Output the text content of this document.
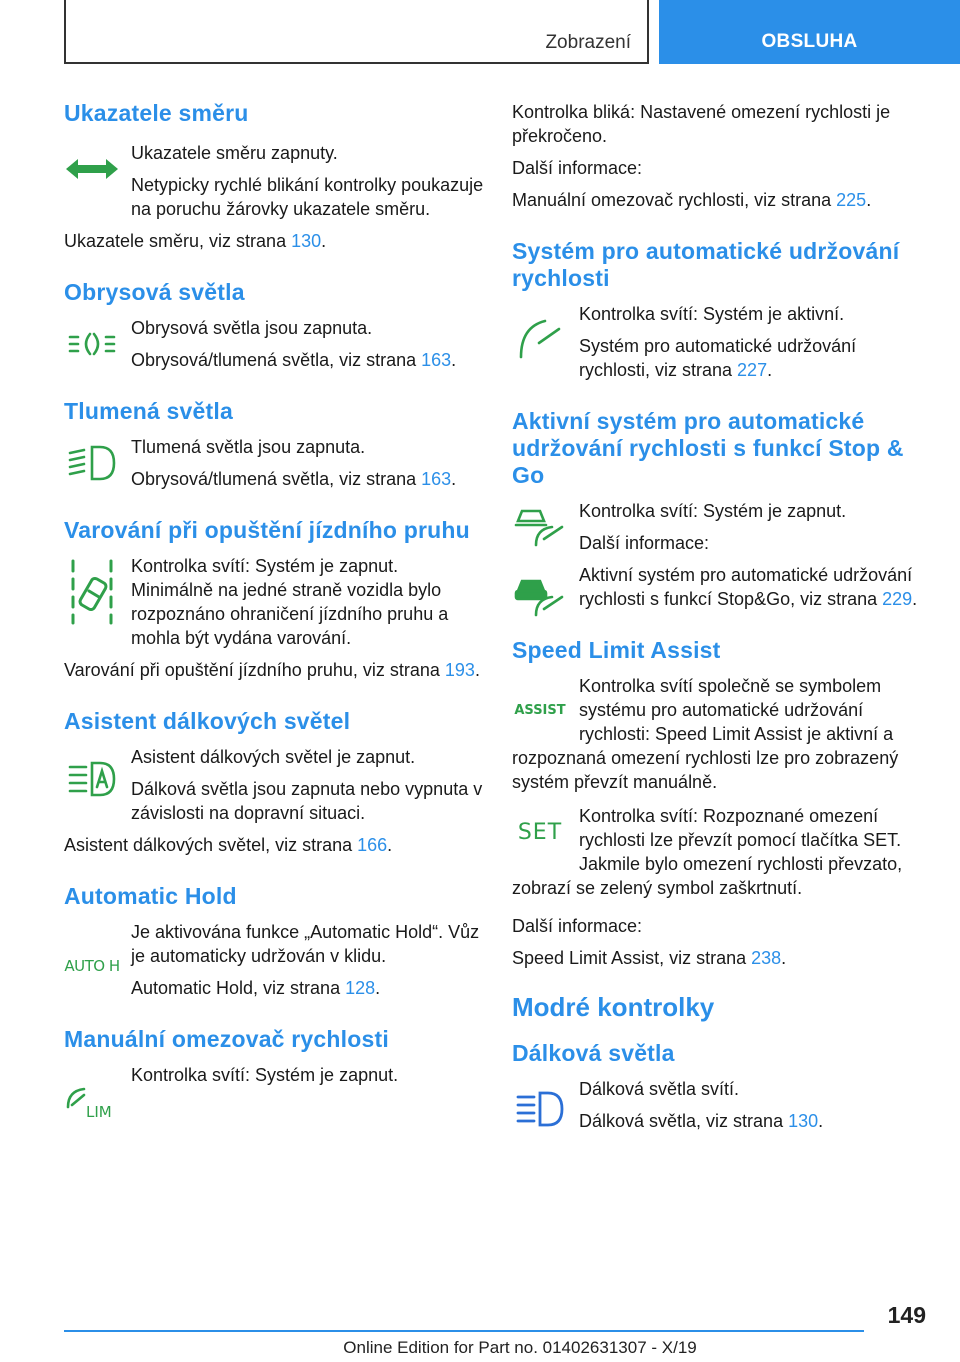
Zobrazení	OBSLUHA
Ukazatele směru

Ukazatele směru zapnuty.

Netypicky rychlé blikání kontrolky poukazuje na poruchu žárovky ukazatele směru.

Ukazatele směru, viz strana 130.

Obrysová světla

Obrysová světla jsou zapnuta.

Obrysová/tlumená světla, viz strana 163.

Tlumená světla

Tlumená světla jsou zapnuta.

Obrysová/tlumená světla, viz strana 163.

Varování při opuštění jízdního pruhu

Kontrolka svítí: Systém je zapnut. Minimálně na jedné straně vozidla bylo rozpoznáno ohraničení jízdního pruhu a mohla být vydána varování.

Varování při opuštění jízdního pruhu, viz strana 193.

Asistent dálkových světel

Asistent dálkových světel je zapnut.

Dálková světla jsou zapnuta nebo vypnuta v závislosti na dopravní situaci.

Asistent dálkových světel, viz strana 166.

Automatic Hold
AUTO H

Je aktivována funkce „Automatic Hold“. Vůz je automaticky udržován v klidu.

Automatic Hold, viz strana 128.

Manuální omezovač rychlosti
LIM

Kontrolka svítí: Systém je zapnut.

Kontrolka bliká: Nastavené omezení rychlosti je překročeno.

Další informace:

Manuální omezovač rychlosti, viz strana 225.

Systém pro automatické udržování rychlosti

Kontrolka svítí: Systém je aktivní.

Systém pro automatické udržování rychlosti, viz strana 227.

Aktivní systém pro automatické udržování rychlosti s funkcí Stop & Go

Kontrolka svítí: Systém je zapnut.

Další informace:

Aktivní systém pro automatické udržování rychlosti s funkcí Stop&Go, viz strana 229.

Speed Limit Assist
ASSIST

Kontrolka svítí společně se symbolem systému pro automatické udržování rychlosti: Speed Limit Assist je aktivní a rozpoznaná omezení rychlosti lze pro zobrazený systém převzít manuálně.

SET

Kontrolka svítí: Rozpoznané omezení rychlosti lze převzít pomocí tlačítka SET. Jakmile bylo omezení rychlosti převzato, zobrazí se zelený symbol zaškrtnutí.

Další informace:

Speed Limit Assist, viz strana 238.

Modré kontrolky
Dálková světla

Dálková světla svítí.

Dálková světla, viz strana 130.

149
Online Edition for Part no. 01402631307 - X/19
